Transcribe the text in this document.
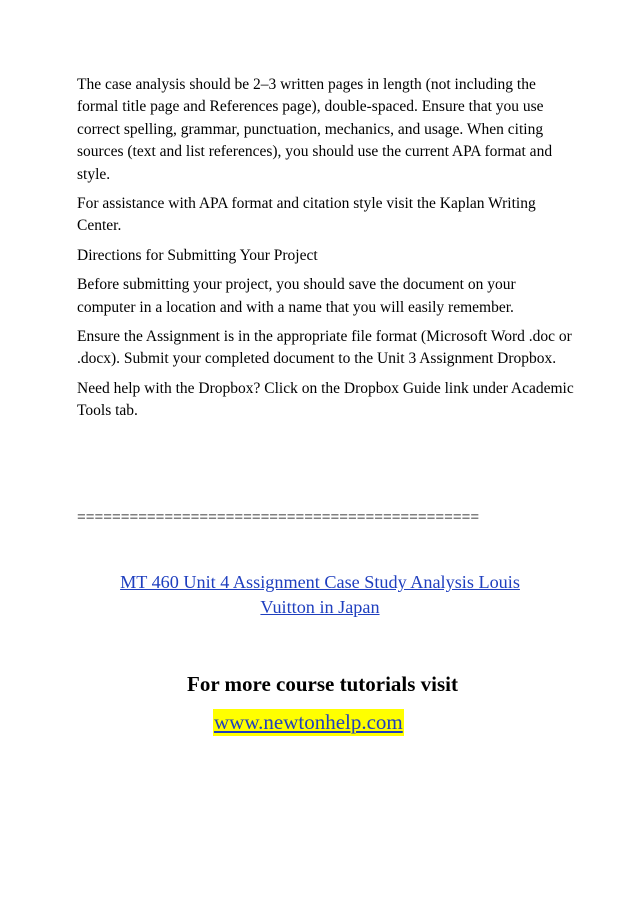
The case analysis should be 2–3 written pages in length (not including the formal title page and References page), double-spaced. Ensure that you use correct spelling, grammar, punctuation, mechanics, and usage. When citing sources (text and list references), you should use the current APA format and style.

For assistance with APA format and citation style visit the Kaplan Writing Center.

Directions for Submitting Your Project

Before submitting your project, you should save the document on your computer in a location and with a name that you will easily remember.

Ensure the Assignment is in the appropriate file format (Microsoft Word .doc or .docx). Submit your completed document to the Unit 3 Assignment Dropbox.

Need help with the Dropbox? Click on the Dropbox Guide link under Academic Tools tab.

==============================================
MT 460 Unit 4 Assignment Case Study Analysis Louis
Vuitton in Japan
For more course tutorials visit
www.newtonhelp.com
